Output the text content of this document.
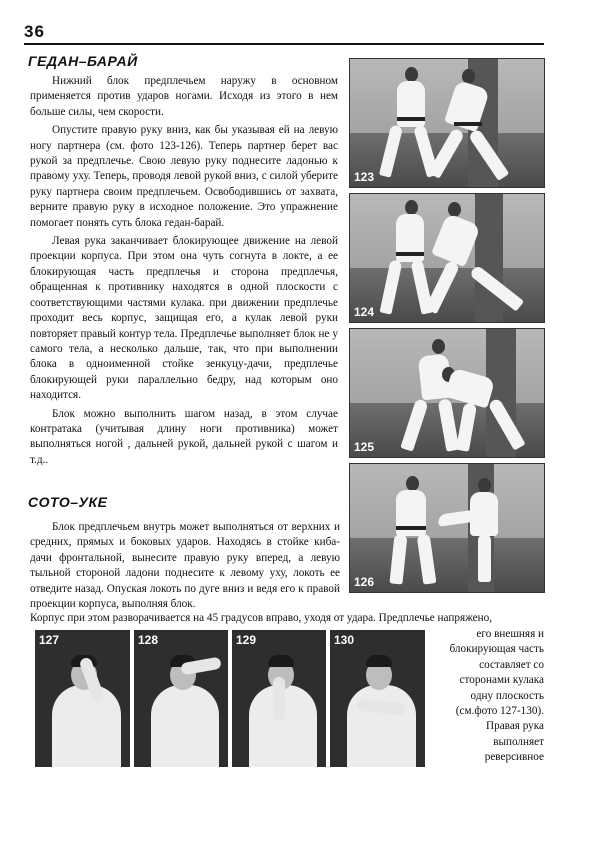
36
ГЕДАН–БАРАЙ

Нижний блок предплечьем наружу в основном применяется против ударов ногами. Исходя из этого в нем больше силы, чем скорости.

Опустите правую руку вниз, как бы указывая ей на левую ногу партнера (см. фото 123-126). Теперь партнер берет вас рукой за предплечье. Свою левую руку поднесите ладонью к правому уху. Теперь, проводя левой рукой вниз, с силой уберите руку партнера своим предплечьем. Освободившись от захвата, верните правую руку в исходное положение. Это упражнение помогает понять суть блока гедан-барай.

Левая рука заканчивает блокирующее движение на левой проекции корпуса. При этом она чуть согнута в локте, а ее блокирующая часть предплечья и сторона предплечья, обращенная к противнику находятся в одной плоскости с соответствующими частями кулака. при движении предплечье проходит весь корпус, защищая его, а кулак левой руки повторяет правый контур тела. Предплечье выполняет блок не у самого тела, а несколько дальше, так, что при выполнении блока в одноименной стойке зенкуцу-дачи, предплечье блокирующей руки параллельно бедру, над которым оно находится.

Блок можно выполнить шагом назад, в этом случае контратака (учитывая длину ноги противника) может выполняться ногой , дальней рукой, дальней рукой с шагом и т.д..

СОТО–УКЕ

Блок предплечьем внутрь может выполняться от верхних и средних, прямых и боковых ударов. Находясь в стойке киба-дачи фронтальной, вынесите правую руку вперед, а левую тыльной стороной ладони поднесите к левому уху, локоть ее отведите назад. Опуская локоть по дуге вниз и ведя его к правой проекции корпуса, выполняя блок.

Корпус при этом разворачивается на 45 градусов вправо, уходя от удара. Предплечье напряжено,
его внешняя и
блокирующая часть
составляет со
сторонами кулака
одну плоскость
(см.фото 127-130).
Правая рука
выполняет
реверсивное
123
124
125
126
127	128	129	130
